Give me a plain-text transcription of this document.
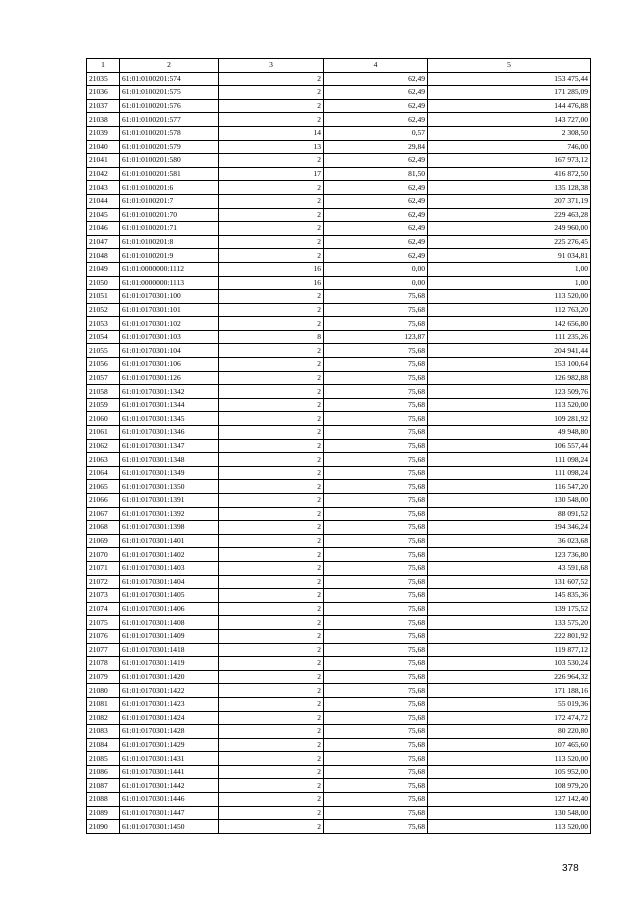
1	2	3	4	5
21035	61:01:0100201:574	2	62,49	153 475,44
21036	61:01:0100201:575	2	62,49	171 285,09
21037	61:01:0100201:576	2	62,49	144 476,88
21038	61:01:0100201:577	2	62,49	143 727,00
21039	61:01:0100201:578	14	0,57	2 308,50
21040	61:01:0100201:579	13	29,84	746,00
21041	61:01:0100201:580	2	62,49	167 973,12
21042	61:01:0100201:581	17	81,50	416 872,50
21043	61:01:0100201:6	2	62,49	135 128,38
21044	61:01:0100201:7	2	62,49	207 371,19
21045	61:01:0100201:70	2	62,49	229 463,28
21046	61:01:0100201:71	2	62,49	249 960,00
21047	61:01:0100201:8	2	62,49	225 276,45
21048	61:01:0100201:9	2	62,49	91 034,81
21049	61:01:0000000:1112	16	0,00	1,00
21050	61:01:0000000:1113	16	0,00	1,00
21051	61:01:0170301:100	2	75,68	113 520,00
21052	61:01:0170301:101	2	75,68	112 763,20
21053	61:01:0170301:102	2	75,68	142 656,80
21054	61:01:0170301:103	8	123,87	111 235,26
21055	61:01:0170301:104	2	75,68	204 941,44
21056	61:01:0170301:106	2	75,68	153 100,64
21057	61:01:0170301:126	2	75,68	126 982,88
21058	61:01:0170301:1342	2	75,68	123 509,76
21059	61:01:0170301:1344	2	75,68	113 520,00
21060	61:01:0170301:1345	2	75,68	109 281,92
21061	61:01:0170301:1346	2	75,68	49 948,80
21062	61:01:0170301:1347	2	75,68	106 557,44
21063	61:01:0170301:1348	2	75,68	111 098,24
21064	61:01:0170301:1349	2	75,68	111 098,24
21065	61:01:0170301:1350	2	75,68	116 547,20
21066	61:01:0170301:1391	2	75,68	130 548,00
21067	61:01:0170301:1392	2	75,68	88 091,52
21068	61:01:0170301:1398	2	75,68	194 346,24
21069	61:01:0170301:1401	2	75,68	36 023,68
21070	61:01:0170301:1402	2	75,68	123 736,80
21071	61:01:0170301:1403	2	75,68	43 591,68
21072	61:01:0170301:1404	2	75,68	131 607,52
21073	61:01:0170301:1405	2	75,68	145 835,36
21074	61:01:0170301:1406	2	75,68	139 175,52
21075	61:01:0170301:1408	2	75,68	133 575,20
21076	61:01:0170301:1409	2	75,68	222 801,92
21077	61:01:0170301:1418	2	75,68	119 877,12
21078	61:01:0170301:1419	2	75,68	103 530,24
21079	61:01:0170301:1420	2	75,68	226 964,32
21080	61:01:0170301:1422	2	75,68	171 188,16
21081	61:01:0170301:1423	2	75,68	55 019,36
21082	61:01:0170301:1424	2	75,68	172 474,72
21083	61:01:0170301:1428	2	75,68	80 220,80
21084	61:01:0170301:1429	2	75,68	107 465,60
21085	61:01:0170301:1431	2	75,68	113 520,00
21086	61:01:0170301:1441	2	75,68	105 952,00
21087	61:01:0170301:1442	2	75,68	108 979,20
21088	61:01:0170301:1446	2	75,68	127 142,40
21089	61:01:0170301:1447	2	75,68	130 548,00
21090	61:01:0170301:1450	2	75,68	113 520,00
378
